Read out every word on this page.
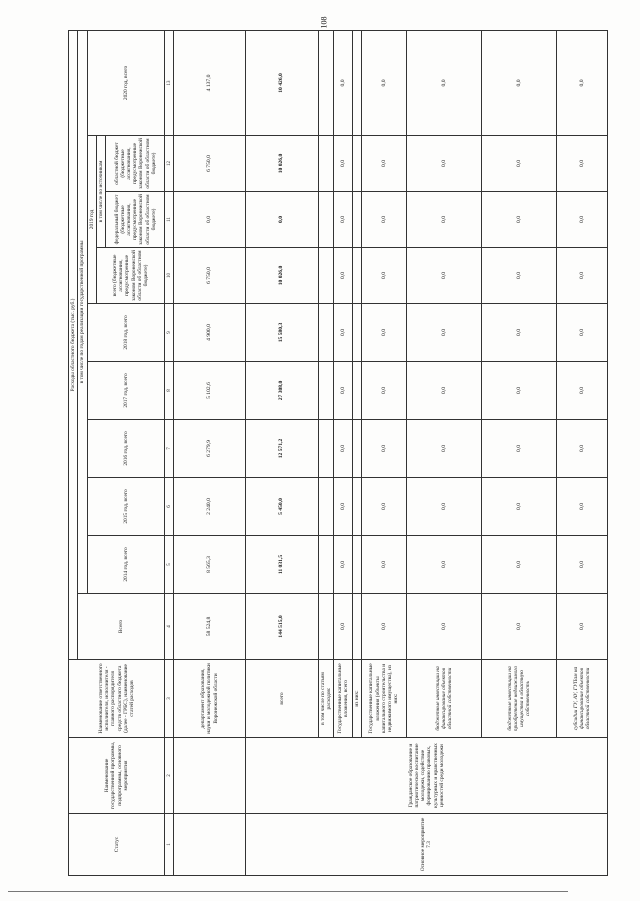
108
Статус	Наименование государственной программы, подпрограммы, основного мероприятия	Наименование ответственного исполнителя, исполнителя - главного распорядителя средств областного бюджета (далее - ГРБС), наименование статей расходов	Расходы областного бюджета (тыс. руб.)									
			Всего	в том числе по годам реализации государственной программы								
				2014 год, всего	2015 год, всего	2016 год, всего	2017 год, всего	2018 год, всего	2019 год			2020 год, всего
									всего (бюджетные ассигнования, предусмотренные законом Воронежской области об областном бюджете)	в том числе по источникам		
										федеральный бюджет (бюджетные ассигнования, предусмотренные законом Воронежской области об областном бюджете)	областной бюджет (бюджетные ассигнования, предусмотренные законом Воронежской области об областном бюджете)	
1	2	3	4	5	6	7	8	9	10	11	12	13
		департамент образования, науки и молодежной политики Воронежской области	58 524,8	8 565,3	2 240,0	6 279,9	5 102,6	4 900,0	6 750,0	0,0	6 750,0	4 137,0
Основное мероприятие 7.3	Гражданское образование и патриотическое воспитание молодежи, содействие формированию правовых, культурных и нравственных ценностей среди молодежи	всего	144 515,0	11 031,5	5 450,0	12 571,2	27 308,0	15 580,3	10 026,0	0,0	10 026,0	10 426,0
		в том числе по статьям расходов:										
		Государственные капитальные вложения, всего	0,0	0,0	0,0	0,0	0,0	0,0	0,0	0,0	0,0	0,0
		из них:										
		Государственные капитальные вложения (объекты капитального строительства и недвижимого имущества), из них:	0,0	0,0	0,0	0,0	0,0	0,0	0,0	0,0	0,0	0,0
		бюджетные инвестиции на финансирование объектов областной собственности	0,0	0,0	0,0	0,0	0,0	0,0	0,0	0,0	0,0	0,0
		бюджетные инвестиции на приобретение недвижимого имущества в областную собственность	0,0	0,0	0,0	0,0	0,0	0,0	0,0	0,0	0,0	0,0
		субсидии ГУ, АУ, ГУПам на финансирование объектов областной собственности	0,0	0,0	0,0	0,0	0,0	0,0	0,0	0,0	0,0	0,0
